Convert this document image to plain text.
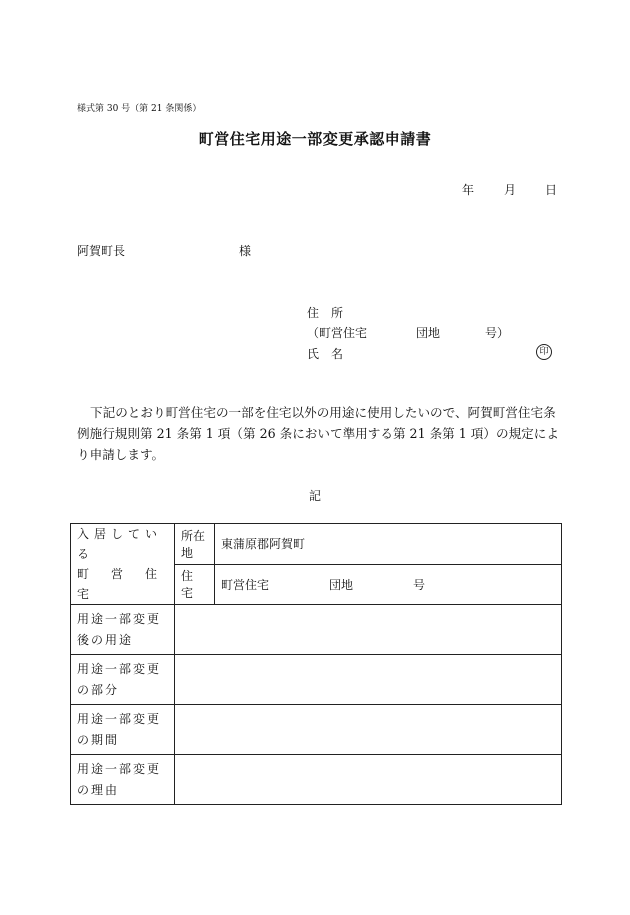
様式第 30 号（第 21 条関係）
町営住宅用途一部変更承認申請書
年 月 日
阿賀町長	様
住　所
（町営住宅	団地	号）
氏　名	印
下記のとおり町営住宅の一部を住宅以外の用途に使用したいので、阿賀町営住宅条例施行規則第 21 条第 1 項（第 26 条において準用する第 21 条第 1 項）の規定により申請します。
記
入居している
町　営　住　宅	所在地	東蒲原郡阿賀町
	住　宅	町営住宅 団地 号
用途一部変更後の用途		
用途一部変更の部分		
用途一部変更の期間		
用途一部変更の理由		
